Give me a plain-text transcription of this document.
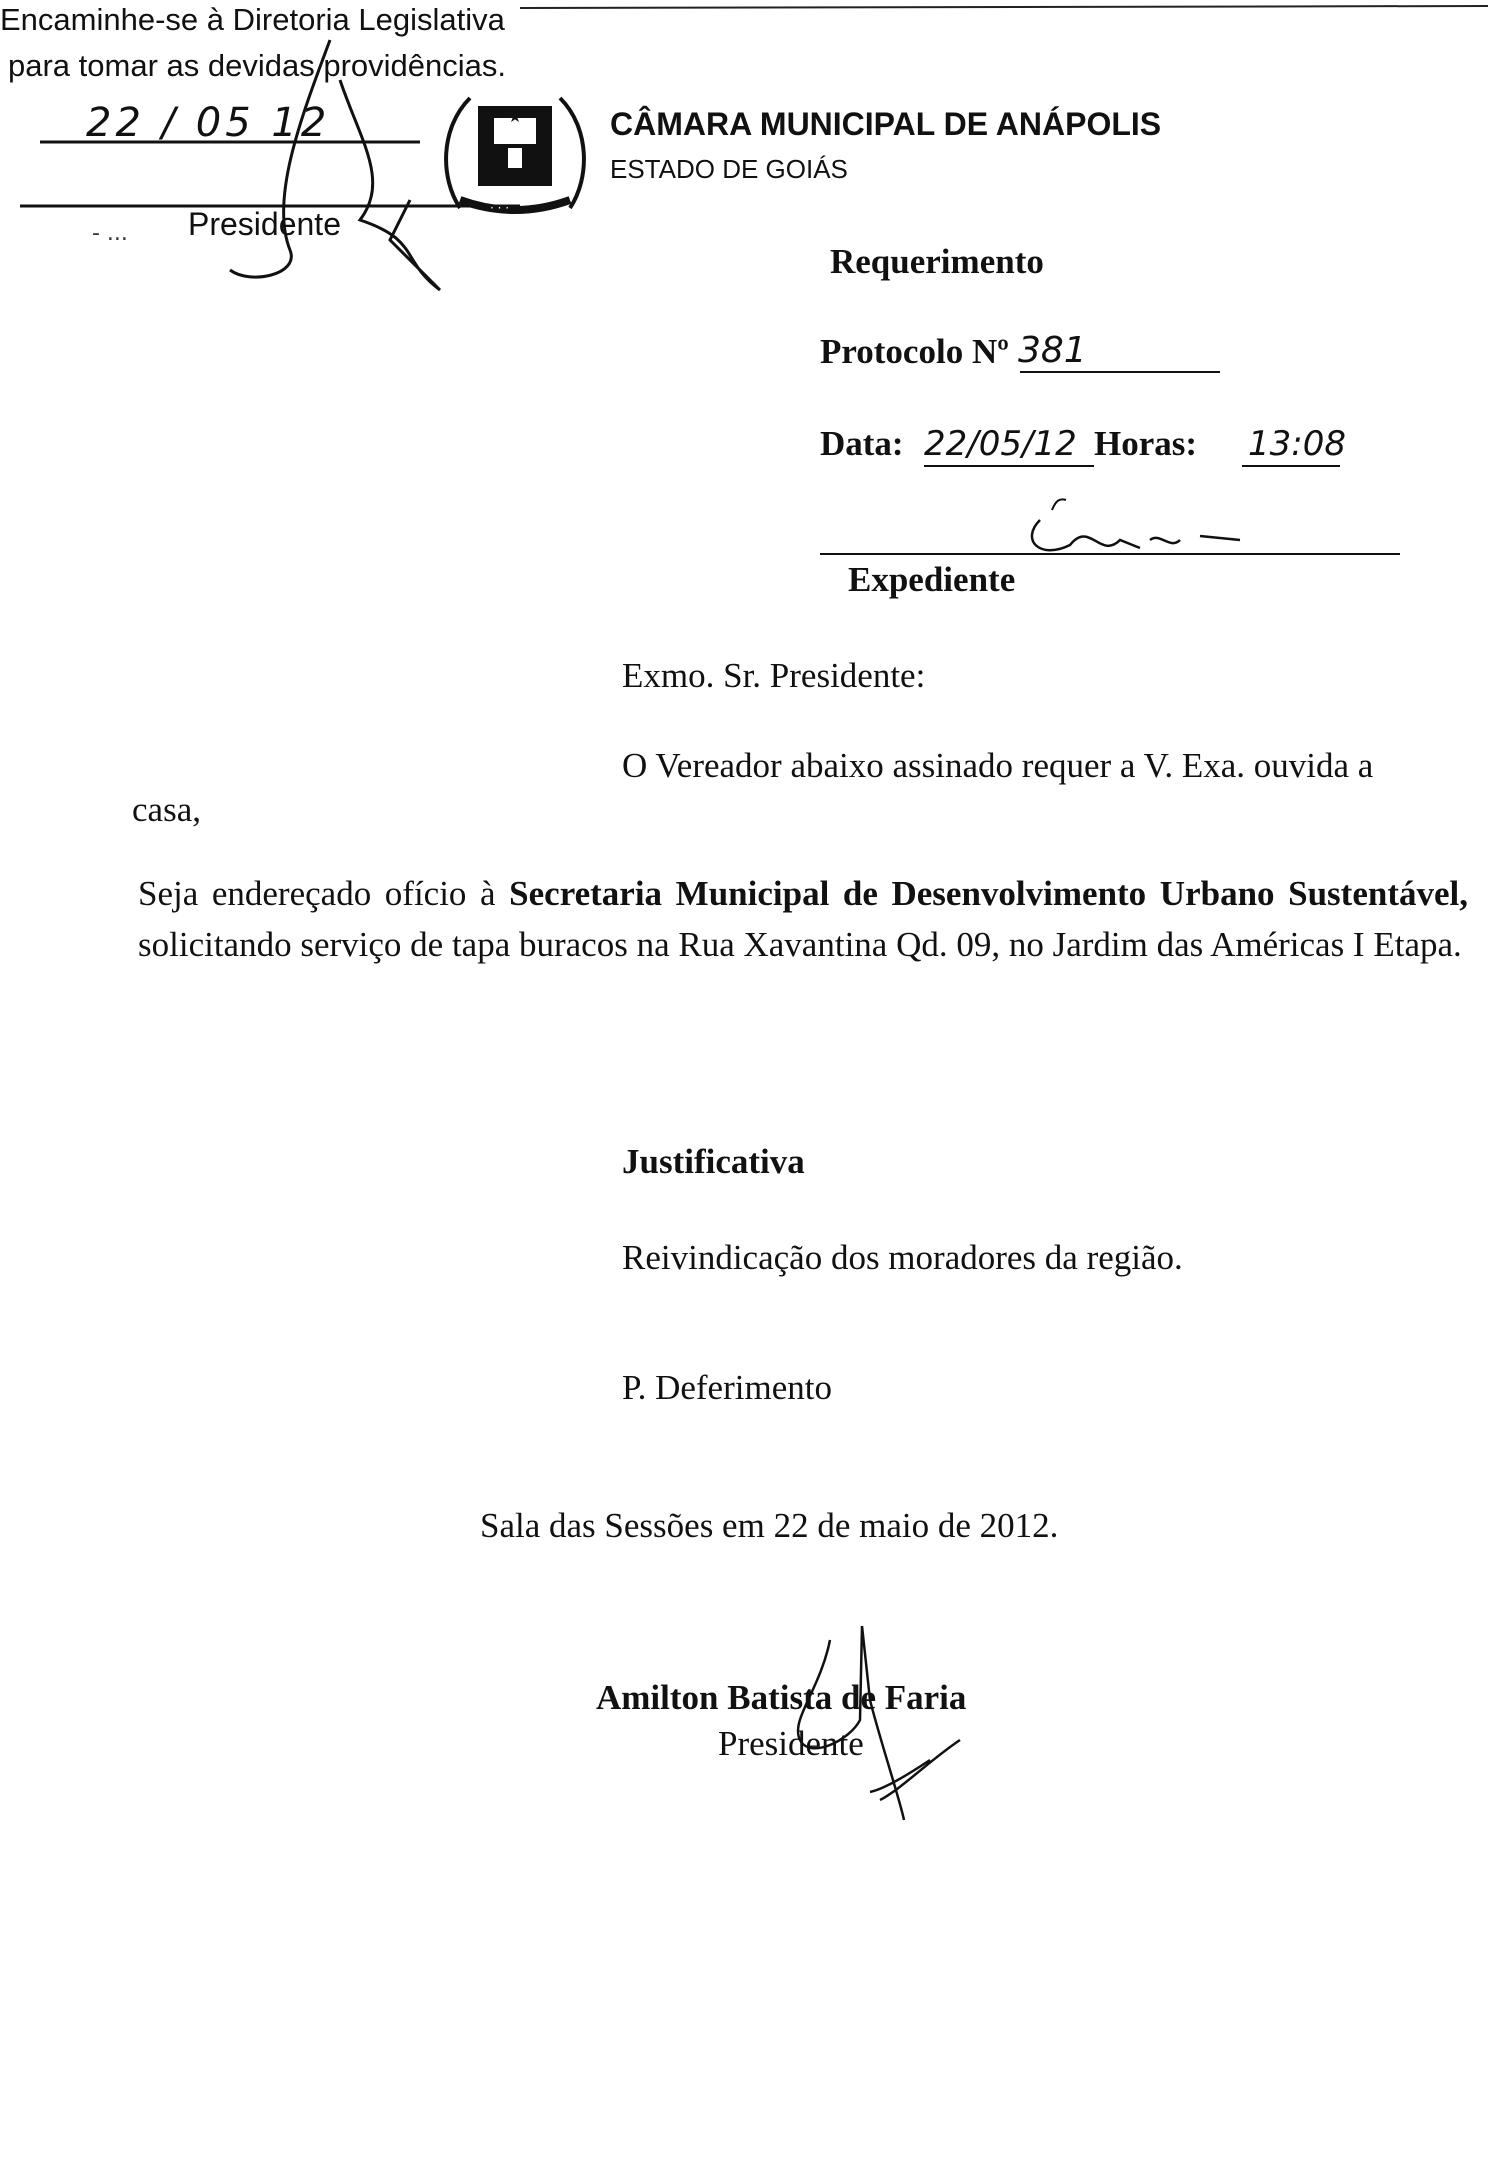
Encaminhe-se à Diretoria Legislativa
para tomar as devidas providências.
22 / 05 12
Presidente
- ...
· · ·
CÂMARA MUNICIPAL DE ANÁPOLIS
ESTADO DE GOIÁS
Requerimento
Protocolo Nº 381
Data: 22/05/12 Horas: 13:08
Expediente
Exmo. Sr. Presidente:
O Vereador abaixo assinado requer a V. Exa. ouvida a
casa,
Seja endereçado ofício à Secretaria Municipal de Desenvolvimento Urbano Sustentável, solicitando serviço de tapa buracos na Rua Xavantina Qd. 09, no Jardim das Américas I Etapa.
Justificativa
Reivindicação dos moradores da região.
P. Deferimento
Sala das Sessões em 22 de maio de 2012.
Amilton Batista de Faria
Presidente
